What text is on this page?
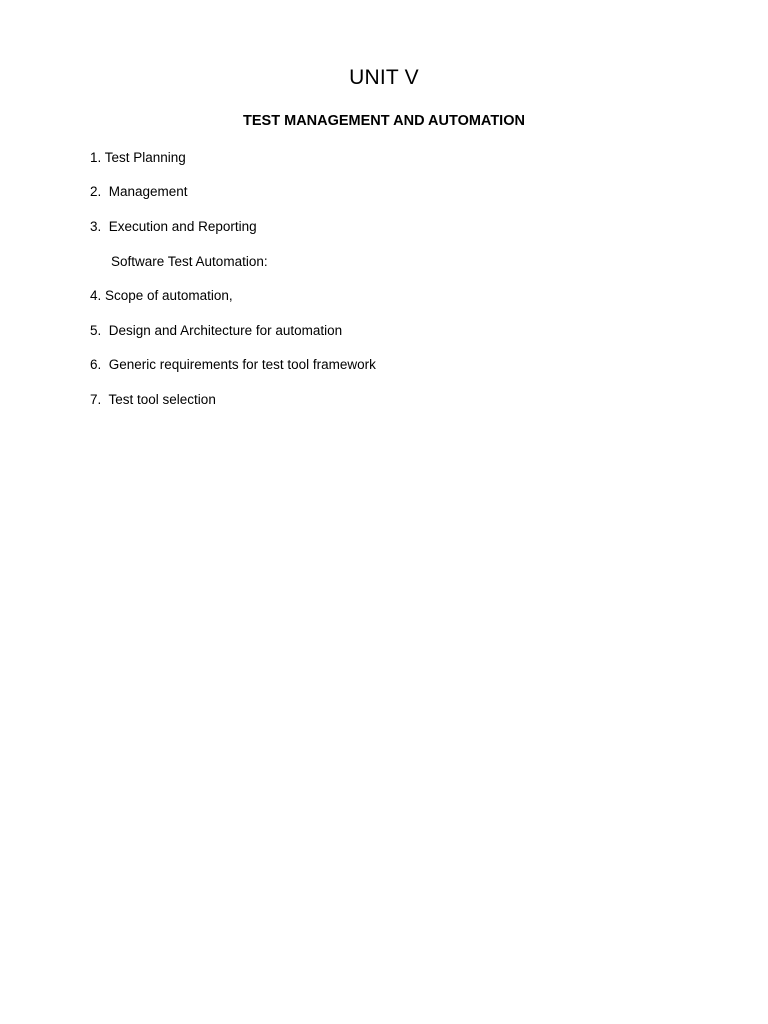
UNIT V
TEST MANAGEMENT AND AUTOMATION
1. Test Planning
2.  Management
3.  Execution and Reporting
Software Test Automation:
4. Scope of automation,
5.  Design and Architecture for automation
6.  Generic requirements for test tool framework
7.  Test tool selection
